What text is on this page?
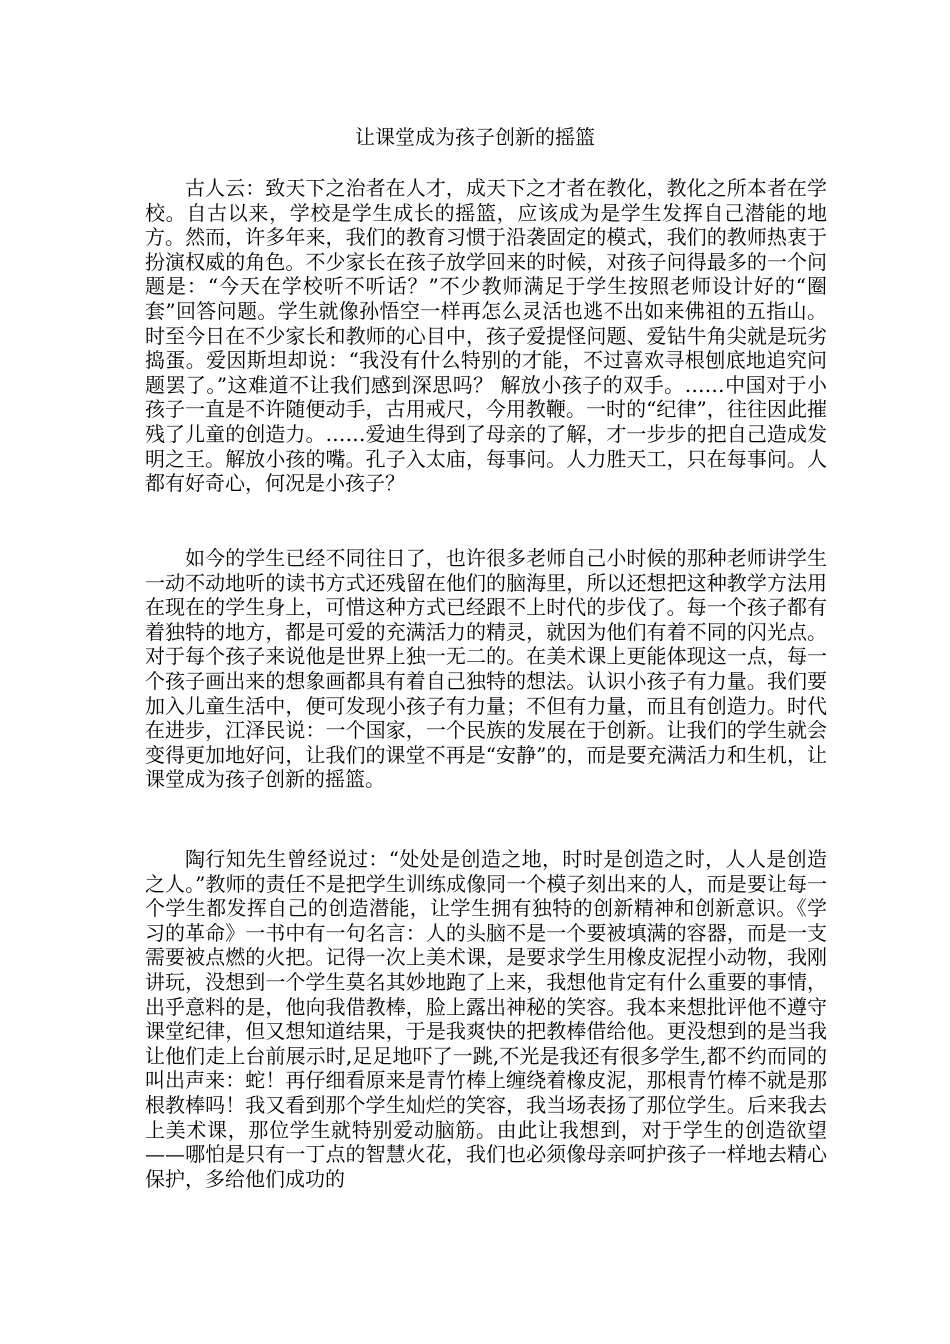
让课堂成为孩子创新的摇篮

古人云：致天下之治者在人才，成天下之才者在教化，教化之所本者在学校。自古以来，学校是学生成长的摇篮，应该成为是学生发挥自己潜能的地方。然而，许多年来，我们的教育习惯于沿袭固定的模式，我们的教师热衷于扮演权威的角色。不少家长在孩子放学回来的时候，对孩子问得最多的一个问题是：“今天在学校听不听话？”不少教师满足于学生按照老师设计好的“圈套”回答问题。学生就像孙悟空一样再怎么灵活也逃不出如来佛祖的五指山。时至今日在不少家长和教师的心目中，孩子爱提怪问题、爱钻牛角尖就是玩劣捣蛋。爱因斯坦却说：“我没有什么特别的才能，不过喜欢寻根刨底地追究问题罢了。”这难道不让我们感到深思吗？ 解放小孩子的双手。……中国对于小孩子一直是不许随便动手，古用戒尺，今用教鞭。一时的“纪律”，往往因此摧残了儿童的创造力。……爱迪生得到了母亲的了解，才一步步的把自己造成发明之王。解放小孩的嘴。孔子入太庙，每事问。人力胜天工，只在每事问。人都有好奇心，何况是小孩子？

如今的学生已经不同往日了，也许很多老师自己小时候的那种老师讲学生一动不动地听的读书方式还残留在他们的脑海里，所以还想把这种教学方法用在现在的学生身上，可惜这种方式已经跟不上时代的步伐了。每一个孩子都有着独特的地方，都是可爱的充满活力的精灵，就因为他们有着不同的闪光点。对于每个孩子来说他是世界上独一无二的。在美术课上更能体现这一点，每一个孩子画出来的想象画都具有着自己独特的想法。认识小孩子有力量。我们要加入儿童生活中，便可发现小孩子有力量；不但有力量，而且有创造力。时代在进步，江泽民说：一个国家，一个民族的发展在于创新。让我们的学生就会变得更加地好问，让我们的课堂不再是“安静”的，而是要充满活力和生机，让课堂成为孩子创新的摇篮。

陶行知先生曾经说过：“处处是创造之地，时时是创造之时，人人是创造之人。”教师的责任不是把学生训练成像同一个模子刻出来的人，而是要让每一个学生都发挥自己的创造潜能，让学生拥有独特的创新精神和创新意识。《学习的革命》一书中有一句名言：人的头脑不是一个要被填满的容器，而是一支需要被点燃的火把。记得一次上美术课，是要求学生用橡皮泥捏小动物，我刚讲玩，没想到一个学生莫名其妙地跑了上来，我想他肯定有什么重要的事情，出乎意料的是，他向我借教棒，脸上露出神秘的笑容。我本来想批评他不遵守课堂纪律，但又想知道结果，于是我爽快的把教棒借给他。更没想到的是当我让他们走上台前展示时,足足地吓了一跳,不光是我还有很多学生,都不约而同的叫出声来：蛇！再仔细看原来是青竹棒上缠绕着橡皮泥，那根青竹棒不就是那根教棒吗！我又看到那个学生灿烂的笑容，我当场表扬了那位学生。后来我去上美术课，那位学生就特别爱动脑筋。由此让我想到，对于学生的创造欲望——哪怕是只有一丁点的智慧火花，我们也必须像母亲呵护孩子一样地去精心保护，多给他们成功的
